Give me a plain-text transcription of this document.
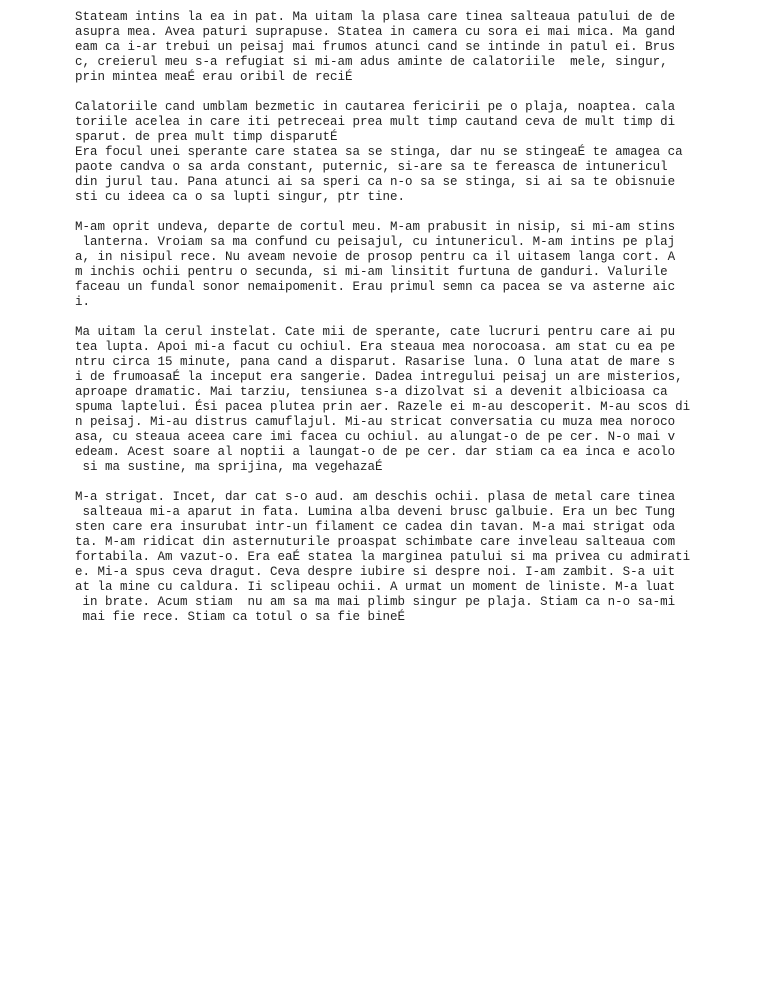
Stateam intins la ea in pat. Ma uitam la plasa care tinea salteaua patului de de
asupra mea. Avea paturi suprapuse. Statea in camera cu sora ei mai mica. Ma gand
eam ca i-ar trebui un peisaj mai frumos atunci cand se intinde in patul ei. Brus
c, creierul meu s-a refugiat si mi-am adus aminte de calatoriile  mele, singur,
prin mintea meaÉ erau oribil de reciÉ

Calatoriile cand umblam bezmetic in cautarea fericirii pe o plaja, noaptea. cala
toriile acelea in care iti petreceai prea mult timp cautand ceva de mult timp di
sparut. de prea mult timp disparutÉ
Era focul unei sperante care statea sa se stinga, dar nu se stingeaÉ te amagea ca
paote candva o sa arda constant, puternic, si-are sa te fereasca de intunericul
din jurul tau. Pana atunci ai sa speri ca n-o sa se stinga, si ai sa te obisnuie
sti cu ideea ca o sa lupti singur, ptr tine.

M-am oprit undeva, departe de cortul meu. M-am prabusit in nisip, si mi-am stins
lanterna. Vroiam sa ma confund cu peisajul, cu intunericul. M-am intins pe plaj
a, in nisipul rece. Nu aveam nevoie de prosop pentru ca il uitasem langa cort. A
m inchis ochii pentru o secunda, si mi-am linsitit furtuna de ganduri. Valurile
faceau un fundal sonor nemaipomenit. Erau primul semn ca pacea se va asterne aic
i.

Ma uitam la cerul instelat. Cate mii de sperante, cate lucruri pentru care ai pu
tea lupta. Apoi mi-a facut cu ochiul. Era steaua mea norocoasa. am stat cu ea pe
ntru circa 15 minute, pana cand a disparut. Rasarise luna. O luna atat de mare s
i de frumoasaÉ la inceput era sangerie. Dadea intregului peisaj un are misterios,
aproape dramatic. Mai tarziu, tensiunea s-a dizolvat si a devenit albicioasa ca
spuma laptelui. Ési pacea plutea prin aer. Razele ei m-au descoperit. M-au scos di
n peisaj. Mi-au distrus camuflajul. Mi-au stricat conversatia cu muza mea noroco
asa, cu steaua aceea care imi facea cu ochiul. au alungat-o de pe cer. N-o mai v
edeam. Acest soare al noptii a laungat-o de pe cer. dar stiam ca ea inca e acolo
si ma sustine, ma sprijina, ma vegehazaÉ

M-a strigat. Incet, dar cat s-o aud. am deschis ochii. plasa de metal care tinea
salteaua mi-a aparut in fata. Lumina alba deveni brusc galbuie. Era un bec Tung
sten care era insurubat intr-un filament ce cadea din tavan. M-a mai strigat oda
ta. M-am ridicat din asternuturile proaspat schimbate care inveleau salteaua com
fortabila. Am vazut-o. Era eaÉ statea la marginea patului si ma privea cu admirati
e. Mi-a spus ceva dragut. Ceva despre iubire si despre noi. I-am zambit. S-a uit
at la mine cu caldura. Ii sclipeau ochii. A urmat un moment de liniste. M-a luat
in brate. Acum stiam  nu am sa ma mai plimb singur pe plaja. Stiam ca n-o sa-mi
mai fie rece. Stiam ca totul o sa fie bineÉ
